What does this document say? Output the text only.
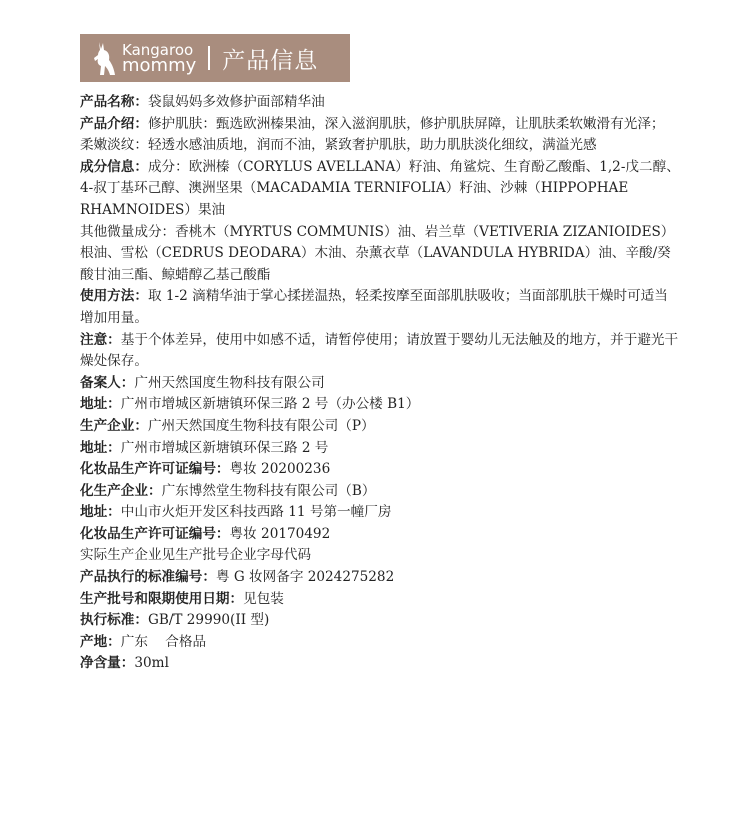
Kangaroo
mommy 产品信息

产品名称：袋鼠妈妈多效修护面部精华油

产品介绍：修护肌肤：甄选欧洲榛果油，深入滋润肌肤，修护肌肤屏障，让肌肤柔软嫩滑有光泽；

柔嫩淡纹：轻透水感油质地，润而不油，紧致奢护肌肤，助力肌肤淡化细纹，满溢光感

成分信息：成分：欧洲榛（CORYLUS AVELLANA）籽油、角鲨烷、生育酚乙酸酯、1,2-戊二醇、4-叔丁基环己醇、澳洲坚果（MACADAMIA TERNIFOLIA）籽油、沙棘（HIPPOPHAE RHAMNOIDES）果油

其他微量成分：香桃木（MYRTUS COMMUNIS）油、岩兰草（VETIVERIA ZIZANIOIDES）根油、雪松（CEDRUS DEODARA）木油、杂薰衣草（LAVANDULA HYBRIDA）油、辛酸/癸酸甘油三酯、鲸蜡醇乙基己酸酯

使用方法：取 1-2 滴精华油于掌心揉搓温热，轻柔按摩至面部肌肤吸收；当面部肌肤干燥时可适当增加用量。

注意：基于个体差异，使用中如感不适，请暂停使用；请放置于婴幼儿无法触及的地方，并于避光干燥处保存。

备案人：广州天然国度生物科技有限公司

地址：广州市增城区新塘镇环保三路 2 号（办公楼 B1）

生产企业：广州天然国度生物科技有限公司（P）

地址：广州市增城区新塘镇环保三路 2 号

化妆品生产许可证编号：粤妆 20200236

化生产企业：广东博然堂生物科技有限公司（B）

地址：中山市火炬开发区科技西路 11 号第一幢厂房

化妆品生产许可证编号：粤妆 20170492

实际生产企业见生产批号企业字母代码

产品执行的标准编号：粤 G 妆网备字 2024275282

生产批号和限期使用日期：见包装

执行标准：GB/T 29990(II 型)

产地：广东    合格品

净含量：30ml
